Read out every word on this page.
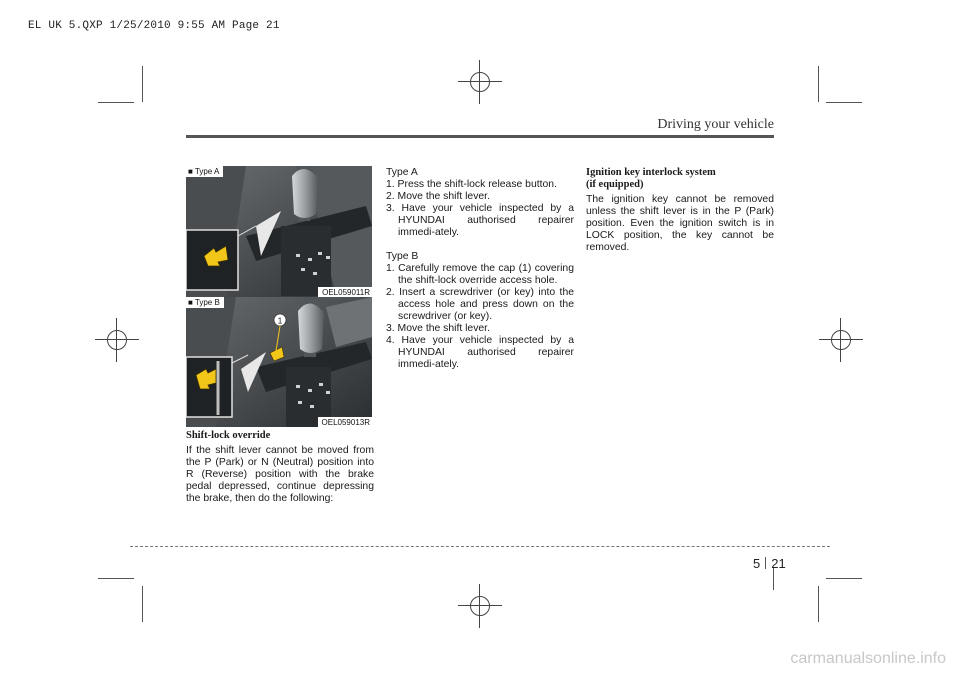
EL UK 5.QXP 1/25/2010 9:55 AM Page 21
Driving your vehicle
■ Type A
OEL059011R
1
■ Type B
OEL059013R

Shift-lock override

If the shift lever cannot be moved from the P (Park) or N (Neutral) position into R (Reverse) position with the brake pedal depressed, continue depressing the brake, then do the following:

Type A

1. Press the shift-lock release button.
2. Move the shift lever.
3. Have your vehicle inspected by a HYUNDAI authorised repairer immedi-ately.

Type B

1. Carefully remove the cap (1) covering the shift-lock override access hole.
2. Insert a screwdriver (or key) into the access hole and press down on the screwdriver (or key).
3. Move the shift lever.
4. Have your vehicle inspected by a HYUNDAI authorised repairer immedi-ately.

Ignition key interlock system

(if equipped)

The ignition key cannot be removed unless the shift lever is in the P (Park) position. Even the ignition switch is in LOCK position, the key cannot be removed.

5 21
carmanualsonline.info
